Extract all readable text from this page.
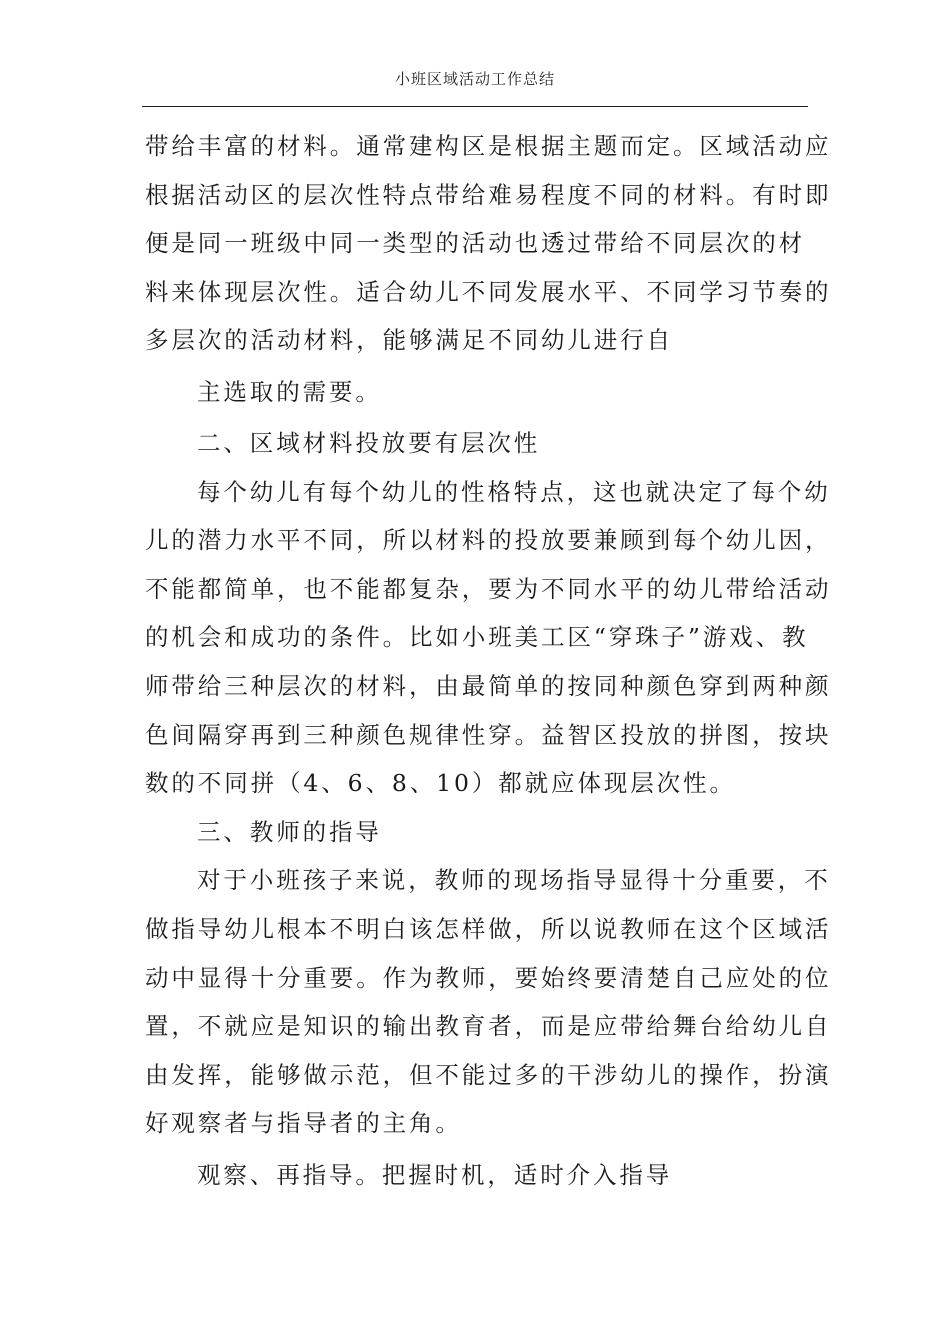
小班区域活动工作总结
带给丰富的材料。通常建构区是根据主题而定。区域活动应
根据活动区的层次性特点带给难易程度不同的材料。有时即
便是同一班级中同一类型的活动也透过带给不同层次的材
料来体现层次性。适合幼儿不同发展水平、不同学习节奏的
多层次的活动材料，能够满足不同幼儿进行自
主选取的需要。
二、区域材料投放要有层次性
每个幼儿有每个幼儿的性格特点，这也就决定了每个幼
儿的潜力水平不同，所以材料的投放要兼顾到每个幼儿因，
不能都简单，也不能都复杂，要为不同水平的幼儿带给活动
的机会和成功的条件。比如小班美工区“穿珠子”游戏、教
师带给三种层次的材料，由最简单的按同种颜色穿到两种颜
色间隔穿再到三种颜色规律性穿。益智区投放的拼图，按块
数的不同拼（4、6、8、10）都就应体现层次性。
三、教师的指导
对于小班孩子来说，教师的现场指导显得十分重要，不
做指导幼儿根本不明白该怎样做，所以说教师在这个区域活
动中显得十分重要。作为教师，要始终要清楚自己应处的位
置，不就应是知识的输出教育者，而是应带给舞台给幼儿自
由发挥，能够做示范，但不能过多的干涉幼儿的操作，扮演
好观察者与指导者的主角。
观察、再指导。把握时机，适时介入指导
